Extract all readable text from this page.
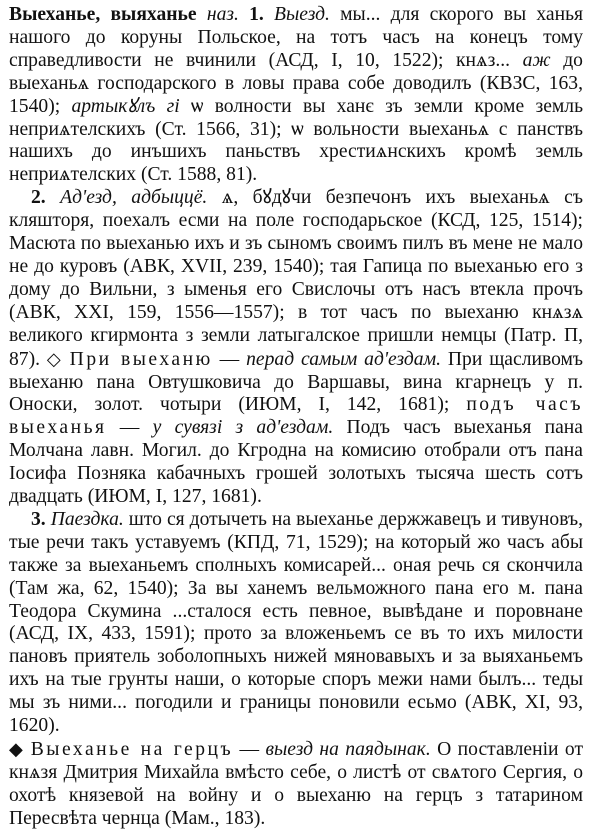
Выеханье, выяханье наз. 1. Выезд. мы... для скорого вы ханья нашого до коруны Польское, на тотъ часъ на конецъ тому справедливости не вчинили (АСД, I, 10, 1522); кнѧз... аж до выеханьѧ господарского в ловы права собе доводилъ (КВЗС, 163, 1540); артыкꙋлъ гі ѡ волности вы ханє зъ земли кроме земль неприѧтелскихъ (Ст. 1566, 31); ѡ вольности выеханьѧ с панствъ нашихъ до инъшихъ паньствъ хрестиѧнскихъ кромѣ земль неприѧтелских (Ст. 1588, 81).

2. Ад'езд, адбыццё. ѧ, бꙋдꙋчи безпечонъ ихъ выеханьѧ съ кляшторя, поехалъ есми на поле господарьское (КСД, 125, 1514); Масюта по выеханью ихъ и зъ сыномъ своимъ пилъ въ мене не мало не до куровъ (АВК, XVII, 239, 1540); тая Гапица по выеханью его з дому до Вильни, з ыменья его Свислочы отъ насъ втекла прочъ (АВК, XXI, 159, 1556—1557); в тот часъ по выеханю кнѧзѧ великого кгирмонта з земли латыгалское пришли немцы (Патр. П, 87). ◇ При выеханю — перад самым ад'ездам. При щасливомъ выеханю пана Овтушковича до Варшавы, вина кгарнецъ у п. Оноски, золот. чотыри (ИЮМ, I, 142, 1681); подъ часъ выеханья — у сувязі з ад'ездам. Подъ часъ выеханья пана Молчана лавн. Могил. до Кгродна на комисию отобрали отъ пана Іосифа Позняка кабачныхъ грошей золотыхъ тысяча шесть сотъ двадцать (ИЮМ, I, 127, 1681).

3. Паездка. што ся дотычеть на выеханье держжавецъ и тивуновъ, тые речи такъ уставуемъ (КПД, 71, 1529); на который жо часъ абы также за выеханьемъ сполныхъ комисарей... оная речь ся скончила (Там жа, 62, 1540); За вы ханемъ вельможного пана его м. пана Теодора Скумина ...сталося есть певное, вывѣдане и поровнане (АСД, IX, 433, 1591); прото за вложеньемъ се въ то ихъ милости пановъ приятель зоболопныхъ нижей мяновавыхъ и за выяханьемъ ихъ на тые грунты наши, о которые споръ межи нами былъ... теды мы зъ ними... погодили и границы поновили есьмо (АВК, XI, 93, 1620).

◆ Выеханье на герцъ — выезд на паядынак. О поставленіи от кнѧзя Дмитрия Михайла вмѣсто себе, о листѣ от свѧтого Сергия, о охотѣ князевой на войну и о выеханю на герцъ з татарином Пересвѣта чернца (Мам., 183).
